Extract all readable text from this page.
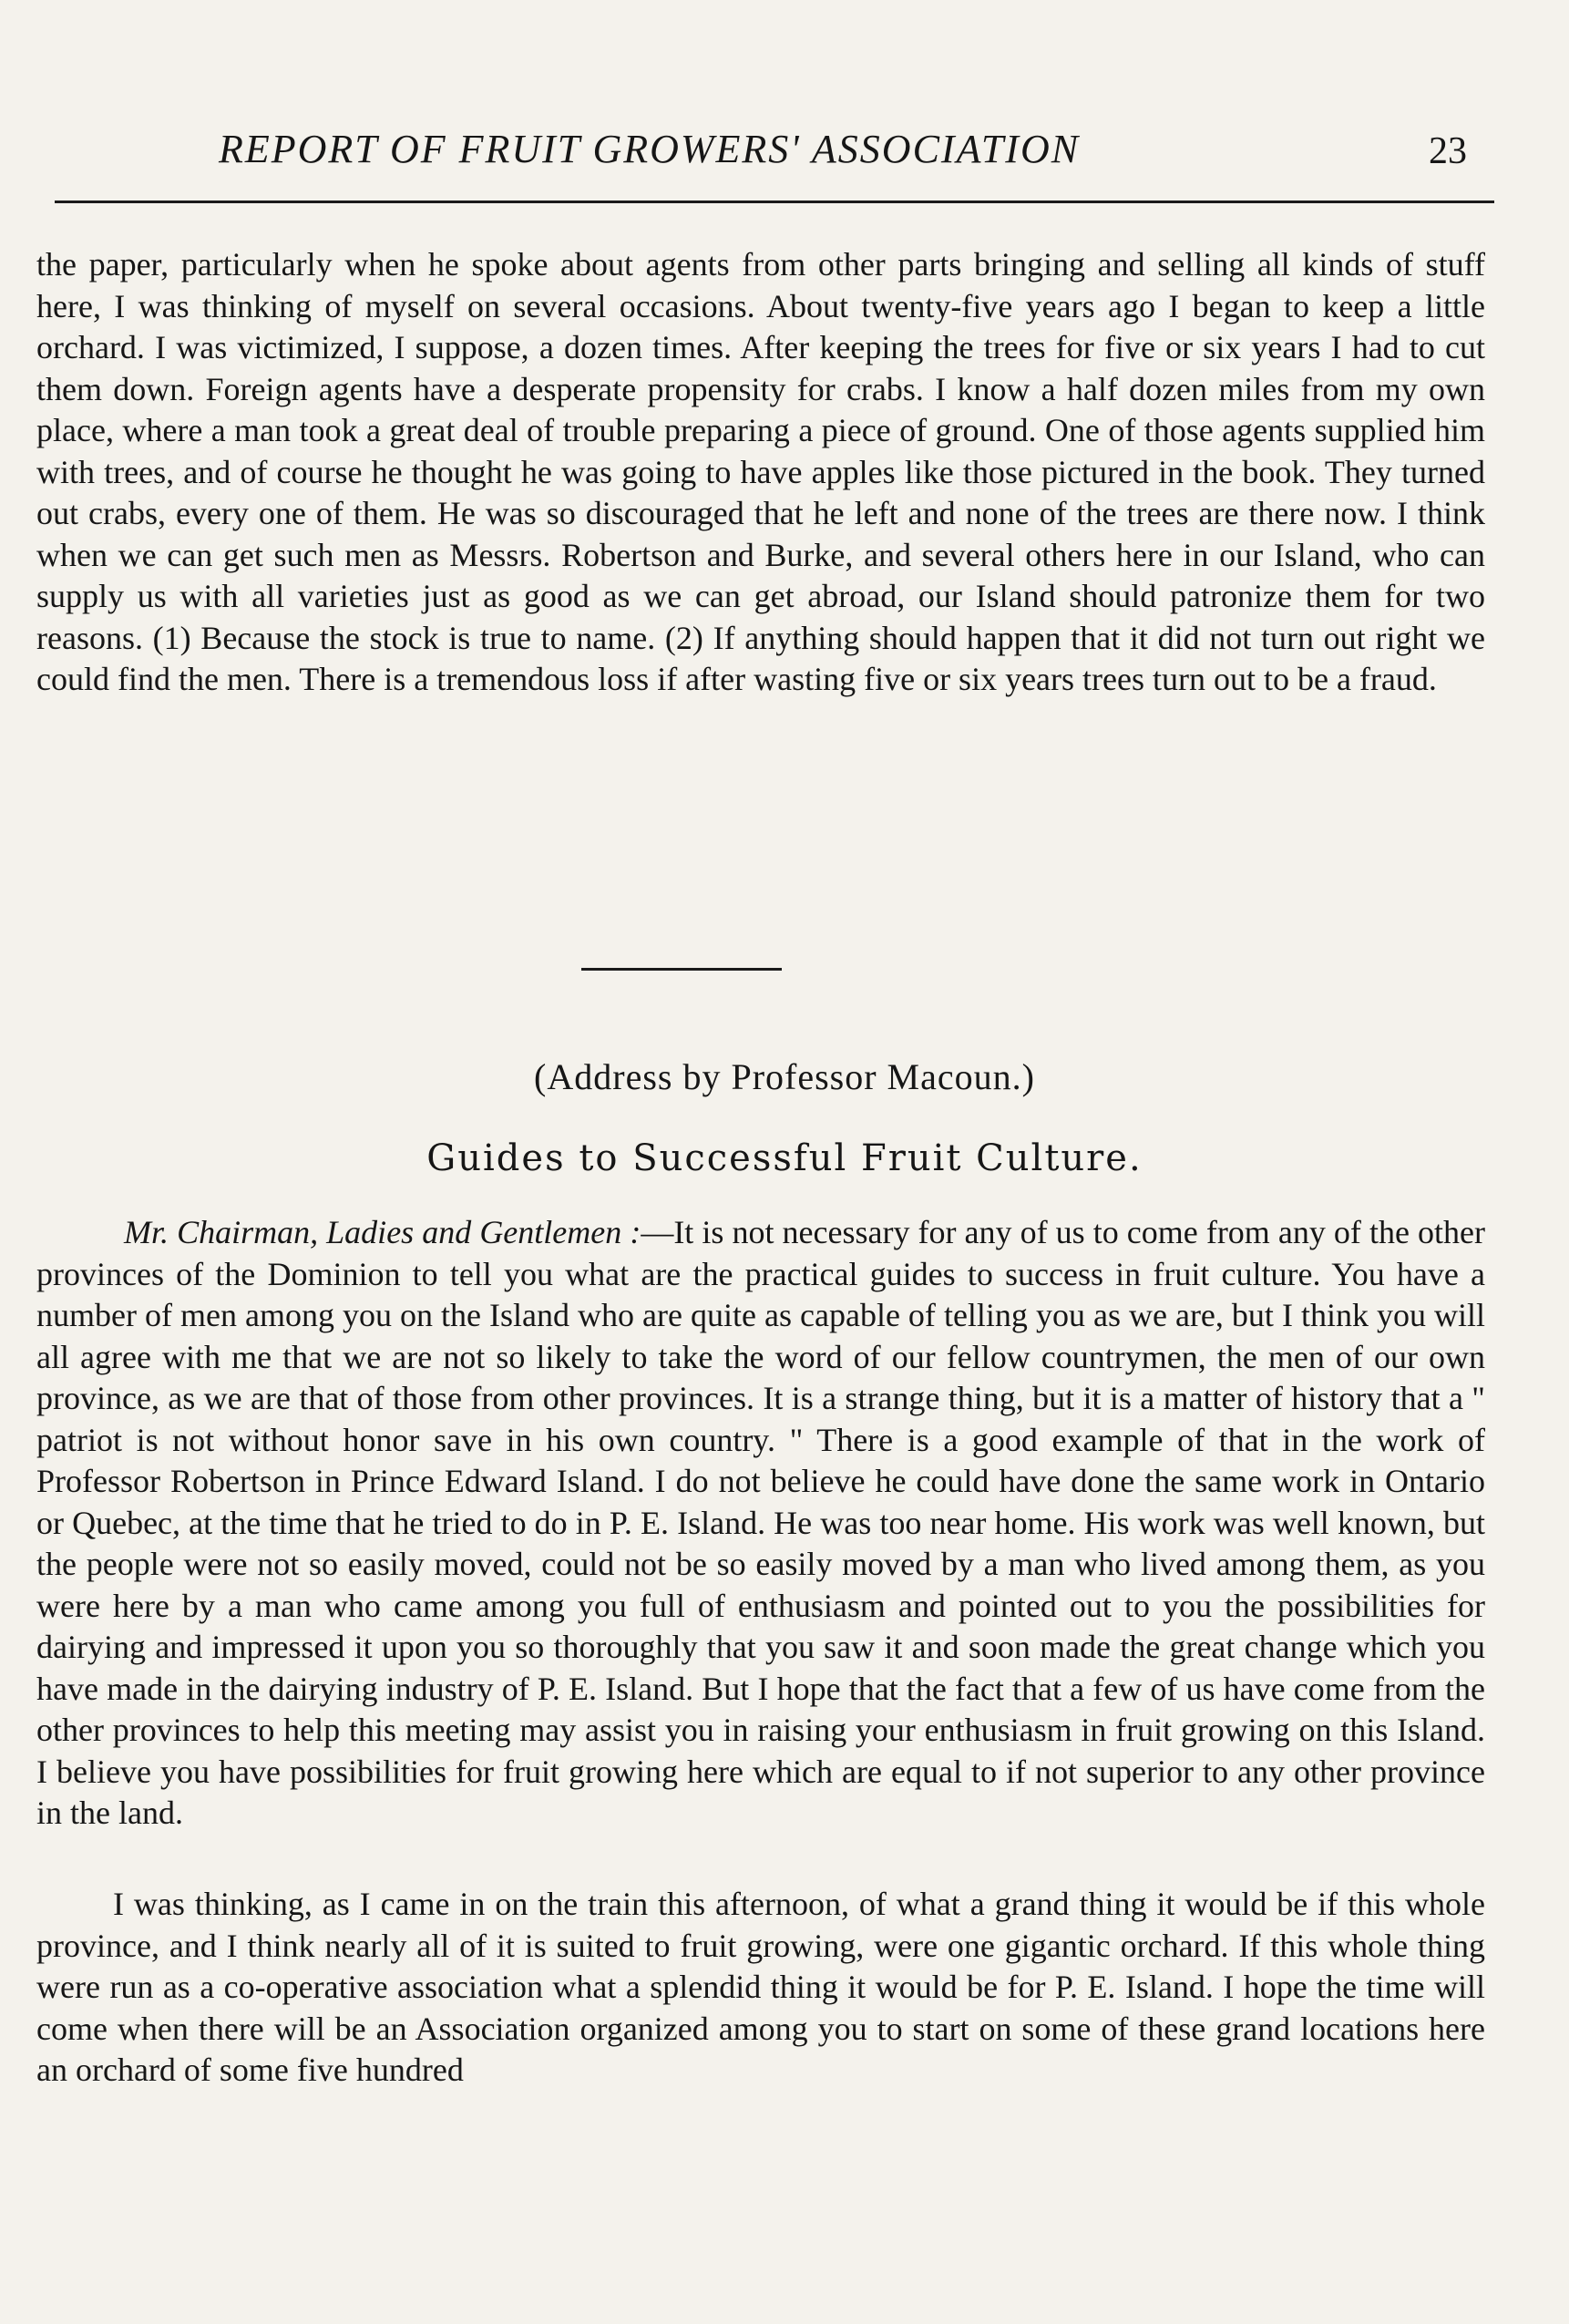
REPORT OF FRUIT GROWERS' ASSOCIATION	23

the paper, particularly when he spoke about agents from other parts bringing and selling all kinds of stuff here, I was thinking of myself on several occasions. About twenty-five years ago I began to keep a little orchard. I was victimized, I suppose, a dozen times. After keeping the trees for five or six years I had to cut them down. Foreign agents have a desperate propensity for crabs. I know a half dozen miles from my own place, where a man took a great deal of trouble preparing a piece of ground. One of those agents supplied him with trees, and of course he thought he was going to have apples like those pictured in the book. They turned out crabs, every one of them. He was so discouraged that he left and none of the trees are there now. I think when we can get such men as Messrs. Robertson and Burke, and several others here in our Island, who can supply us with all varieties just as good as we can get abroad, our Island should patronize them for two reasons. (1) Because the stock is true to name. (2) If anything should happen that it did not turn out right we could find the men. There is a tremendous loss if after wasting five or six years trees turn out to be a fraud.

(Address by Professor Macoun.)
Guides to Successful Fruit Culture.

Mr. Chairman, Ladies and Gentlemen :—It is not necessary for any of us to come from any of the other provinces of the Dominion to tell you what are the practical guides to success in fruit culture. You have a number of men among you on the Island who are quite as capable of telling you as we are, but I think you will all agree with me that we are not so likely to take the word of our fellow countrymen, the men of our own province, as we are that of those from other provinces. It is a strange thing, but it is a matter of history that a " patriot is not without honor save in his own country. " There is a good example of that in the work of Professor Robertson in Prince Edward Island. I do not believe he could have done the same work in Ontario or Quebec, at the time that he tried to do in P. E. Island. He was too near home. His work was well known, but the people were not so easily moved, could not be so easily moved by a man who lived among them, as you were here by a man who came among you full of enthusiasm and pointed out to you the possibilities for dairying and impressed it upon you so thoroughly that you saw it and soon made the great change which you have made in the dairying industry of P. E. Island. But I hope that the fact that a few of us have come from the other provinces to help this meeting may assist you in raising your enthusiasm in fruit growing on this Island. I believe you have possibilities for fruit growing here which are equal to if not superior to any other province in the land.

I was thinking, as I came in on the train this afternoon, of what a grand thing it would be if this whole province, and I think nearly all of it is suited to fruit growing, were one gigantic orchard. If this whole thing were run as a co-operative association what a splendid thing it would be for P. E. Island. I hope the time will come when there will be an Association organized among you to start on some of these grand locations here an orchard of some five hundred
